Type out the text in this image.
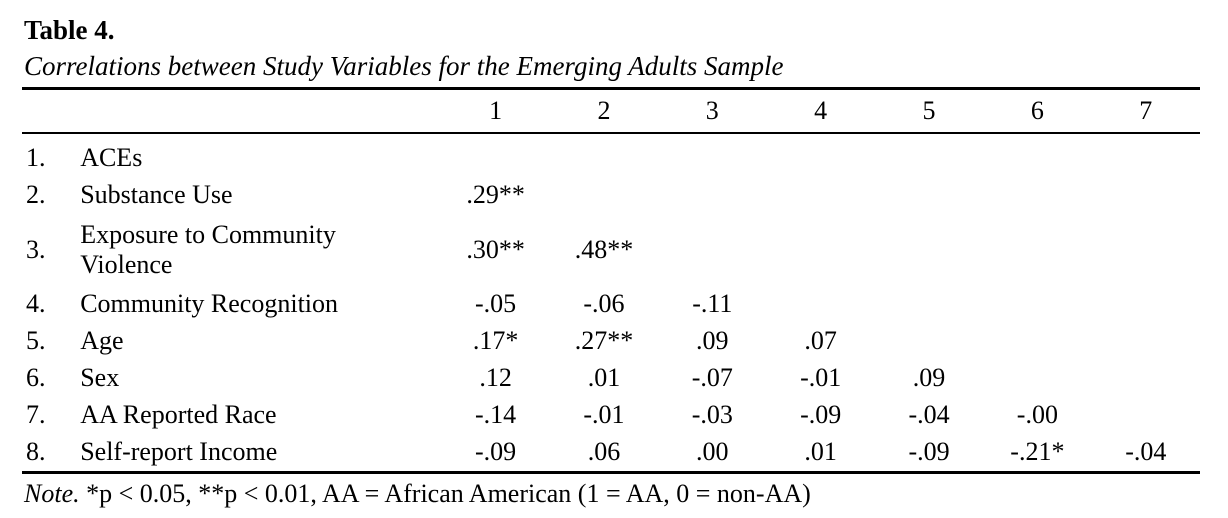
Table 4.
Correlations between Study Variables for the Emerging Adults Sample
		1	2	3	4	5	6	7

1.	ACEs							
2.	Substance Use	.29**						
3.	Exposure to Community
Violence	.30**	.48**					
4.	Community Recognition	-.05	-.06	-.11				
5.	Age	.17*	.27**	.09	.07			
6.	Sex	.12	.01	-.07	-.01	.09		
7.	AA Reported Race	-.14	-.01	-.03	-.09	-.04	-.00	
8.	Self-report Income	-.09	.06	.00	.01	-.09	-.21*	-.04
Note. *p < 0.05, **p < 0.01, AA = African American (1 = AA, 0 = non-AA)
